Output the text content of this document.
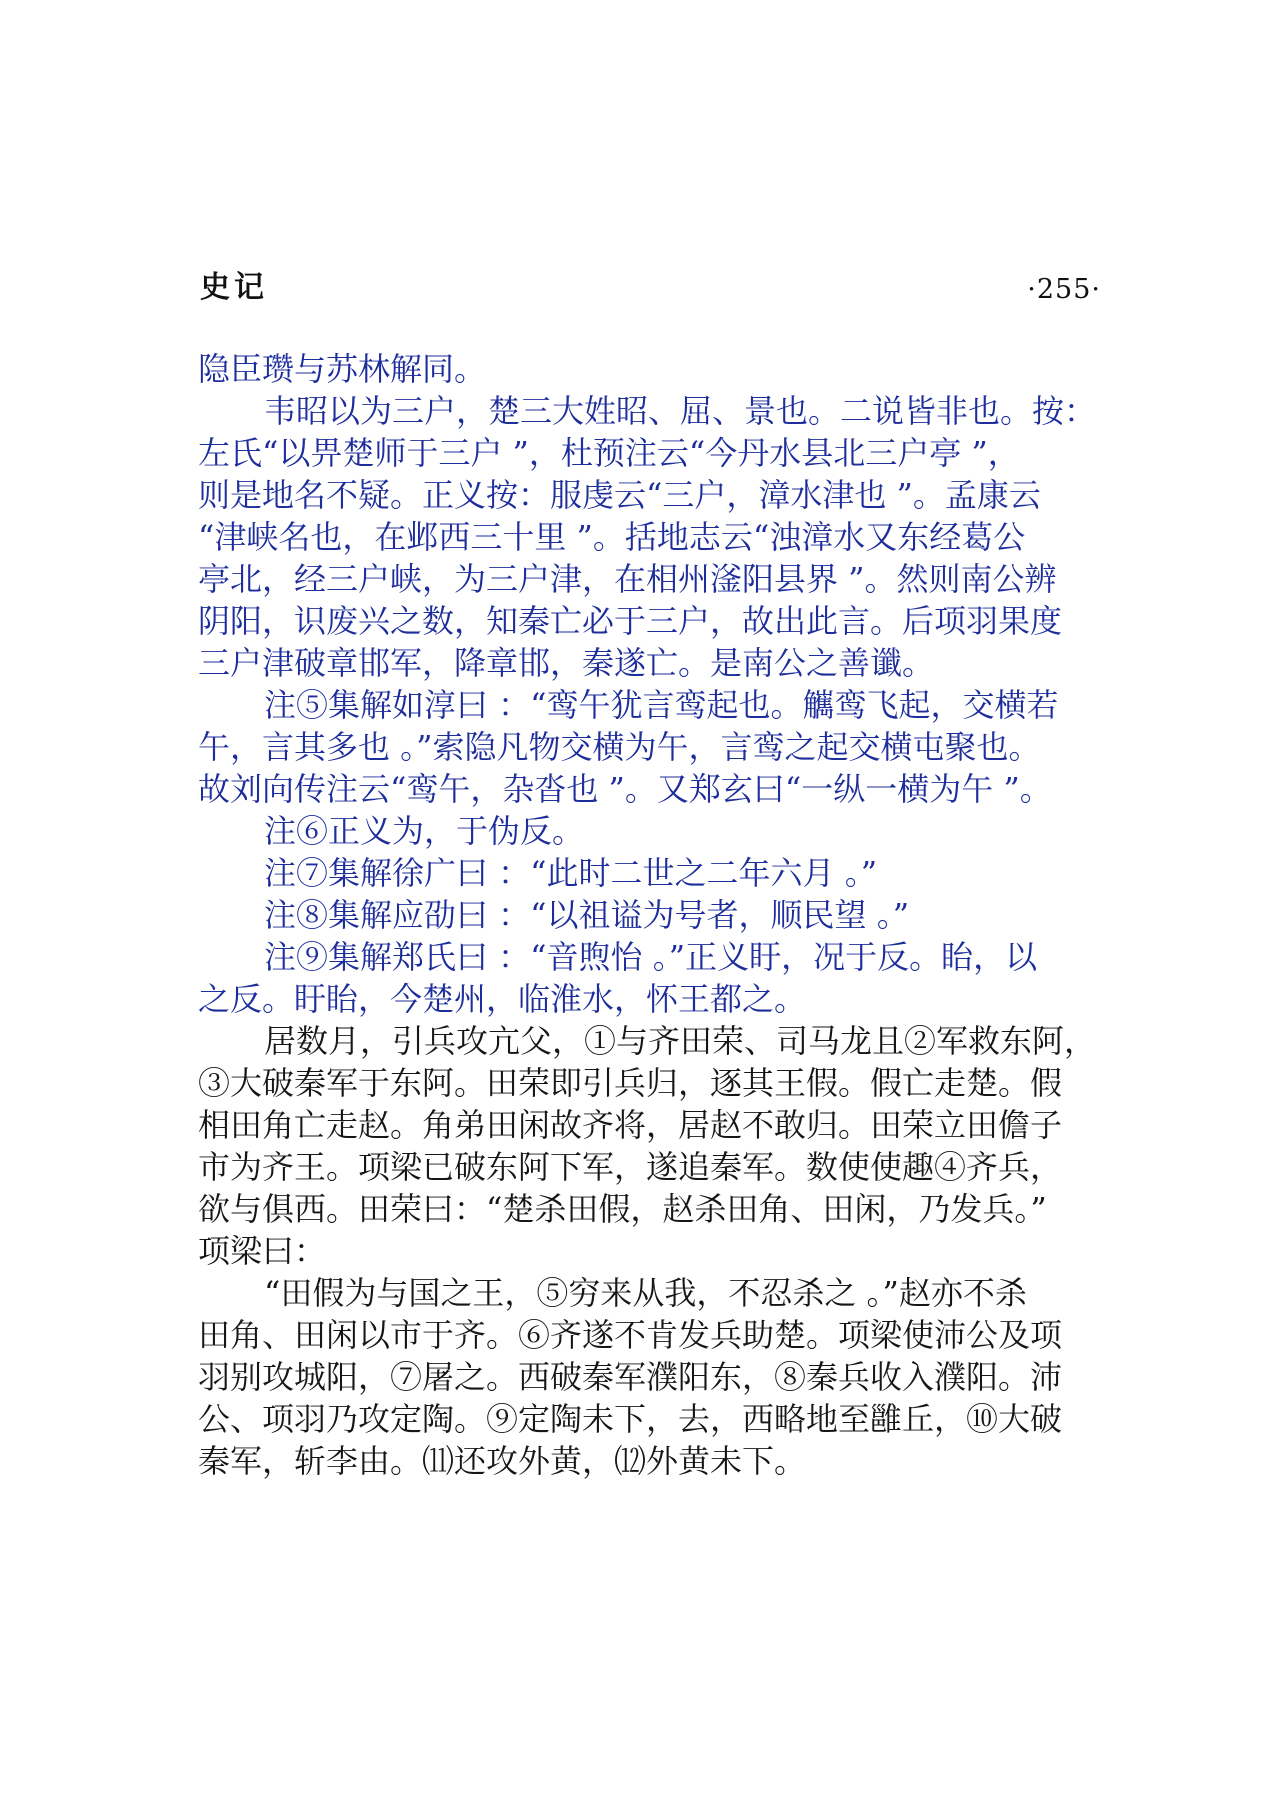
史记	·255·
隐臣瓒与苏林解同。
韦昭以为三户，楚三大姓昭、屈、景也。二说皆非也。按：
左氏“以畀楚师于三户 ”，杜预注云“今丹水县北三户亭 ”，
则是地名不疑。正义按：服虔云“三户，漳水津也 ”。孟康云
“津峡名也，在邺西三十里 ”。括地志云“浊漳水又东经葛公
亭北，经三户峡，为三户津，在相州滏阳县界 ”。然则南公辨
阴阳，识废兴之数，知秦亡必于三户，故出此言。后项羽果度
三户津破章邯军，降章邯，秦遂亡。是南公之善谶。
注⑤集解如淳曰 ：“鸾午犹言鸾起也。觽鸾飞起，交横若
午，言其多也 。”索隐凡物交横为午，言鸾之起交横屯聚也。
故刘向传注云“鸾午，杂沓也 ”。又郑玄曰“一纵一横为午 ”。
注⑥正义为，于伪反。
注⑦集解徐广曰 ：“此时二世之二年六月 。”
注⑧集解应劭曰 ：“以祖谥为号者，顺民望 。”
注⑨集解郑氏曰 ：“音煦怡 。”正义盱，况于反。眙，以
之反。盱眙，今楚州，临淮水，怀王都之。
居数月，引兵攻亢父，①与齐田荣、司马龙且②军救东阿，
③大破秦军于东阿。田荣即引兵归，逐其王假。假亡走楚。假
相田角亡走赵。角弟田闲故齐将，居赵不敢归。田荣立田儋子
市为齐王。项梁已破东阿下军，遂追秦军。数使使趣④齐兵，
欲与俱西。田荣曰：“楚杀田假，赵杀田角、田闲，乃发兵。”
项梁曰：
“田假为与国之王，⑤穷来从我，不忍杀之 。”赵亦不杀
田角、田闲以市于齐。⑥齐遂不肯发兵助楚。项梁使沛公及项
羽别攻城阳，⑦屠之。西破秦军濮阳东，⑧秦兵收入濮阳。沛
公、项羽乃攻定陶。⑨定陶未下，去，西略地至雝丘，⑩大破
秦军，斩李由。⑾还攻外黄，⑿外黄未下。
